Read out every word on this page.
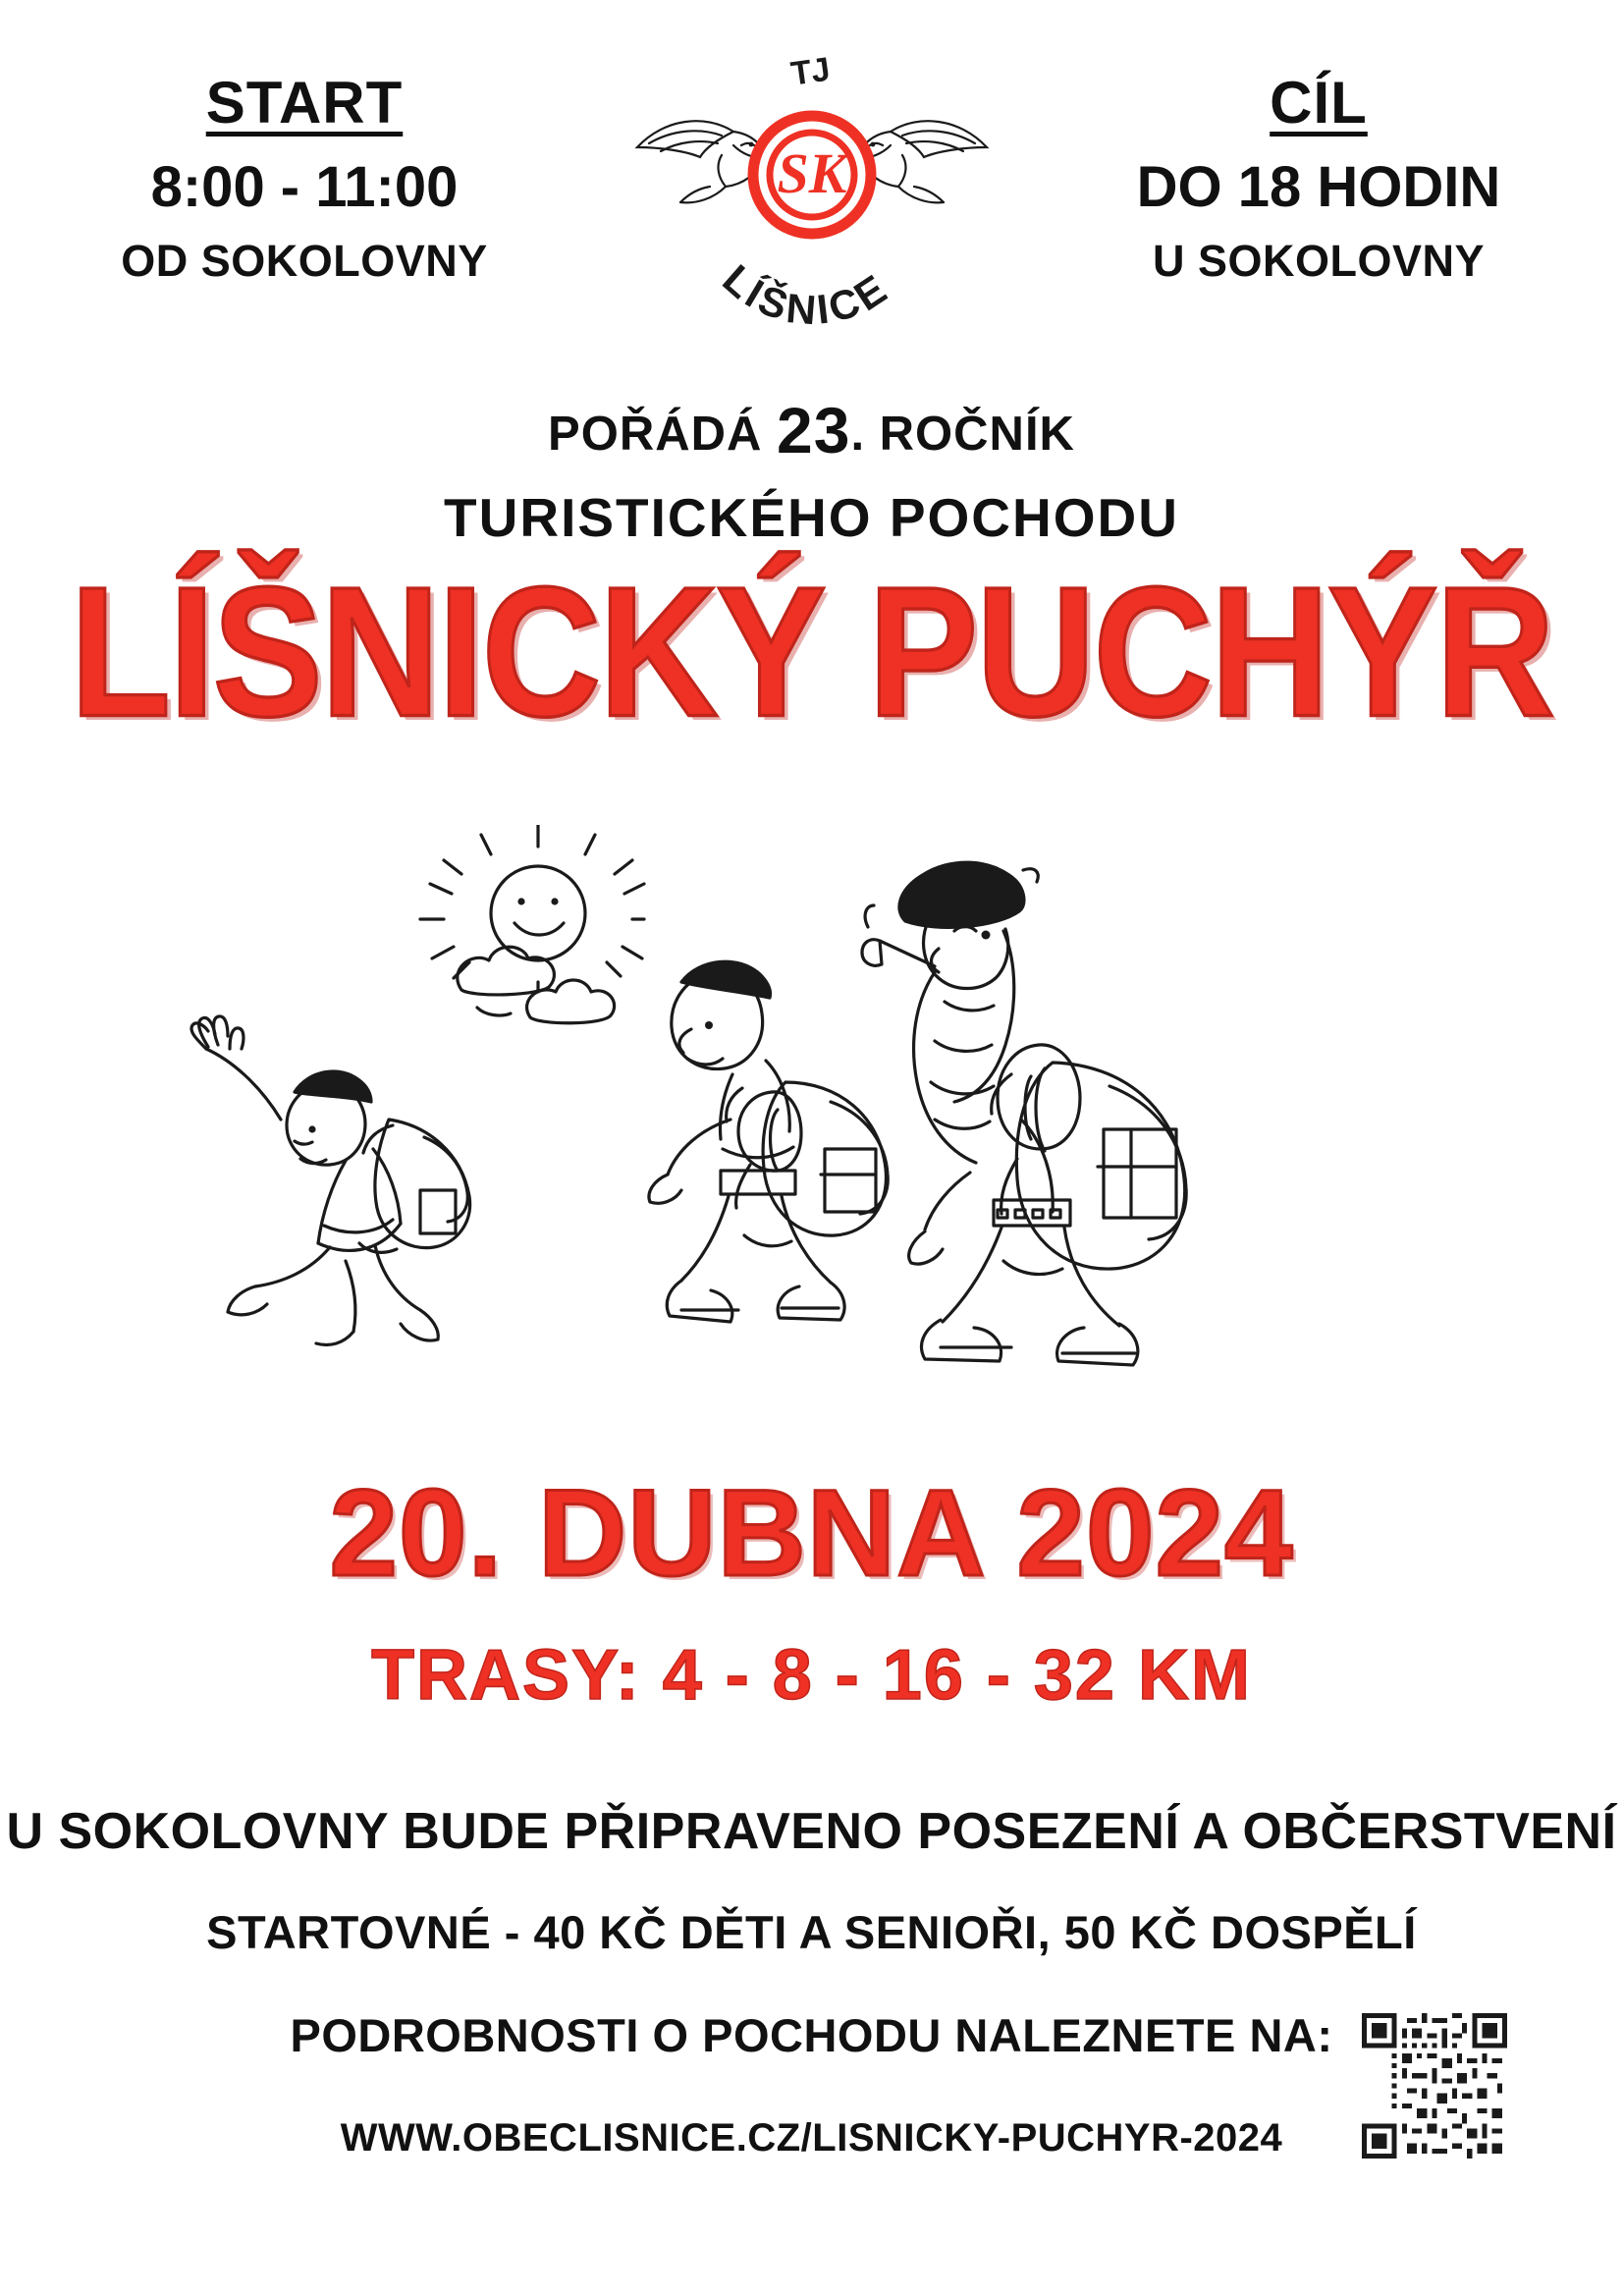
START
8:00 - 11:00
OD SOKOLOVNY
SK
TJ
LÍŠNICE
CÍL
DO 18 HODIN
U SOKOLOVNY
POŘÁDÁ 23. ROČNÍK
TURISTICKÉHO POCHODU
LÍŠNICKÝ PUCHÝŘ
20. DUBNA 2024
TRASY: 4 - 8 - 16 - 32 KM
U SOKOLOVNY BUDE PŘIPRAVENO POSEZENÍ A OBČERSTVENÍ
STARTOVNÉ - 40 KČ DĚTI A SENIOŘI, 50 KČ DOSPĚLÍ
PODROBNOSTI O POCHODU NALEZNETE NA:
WWW.OBECLISNICE.CZ/LISNICKY-PUCHYR-2024
